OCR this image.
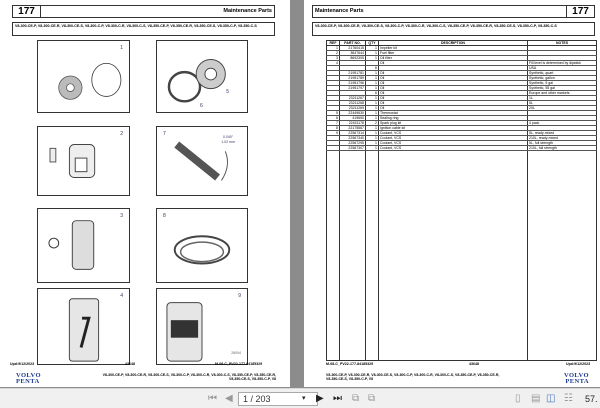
177	Maintenance Parts
V8-300-CE-P, V8-300-CE-R, V8-300-CE-S, V8-300-C-P, V8-300-C-R, V8-300-C-S, V8-350-CE-P, V8-350-CE-R, V8-350-CE-S, V8-350-C-P, V8-350-C-S
1
5
6
2	7	0.040"
1.02 mm
3	8
4	9
26094
Upd:9/12/2023	43648	M-08-C_PV22-177-84185329
VOLVO
PENTA
V8-300-CE-P, V8-300-CE-R, V8-300-CE-S, V8-300-C-P, V8-300-C-R, V8-300-C-S, V8-350-CE-P, V8-350-CE-R,
V8-350-CE-S, V8-350-C-P, V8
Maintenance Parts	177
V8-300-CE-P, V8-300-CE-R, V8-300-CE-S, V8-300-C-P, V8-300-C-R, V8-300-C-S, V8-350-CE-P, V8-350-CE-R, V8-350-CE-S, V8-350-C-P, V8-350-C-S
REF	PART NO.	QTY	DESCRIPTION	NOTES
1	21760415	1	Impeller kit	
2	3847644	1	Fuel filter	
3	8692305	1	Oil filter	
4			Oil	Fill level is determined by dipstick
		6		USA
	21951781	1	Oil	Synthetic, quart
	21951789	1	Oil	Synthetic, gallon
	21951796	1	Oil	Synthetic, 5 gal
	21951797	1	Oil	Synthetic, 55 gal
		6	Oil	Europe and other markets
	23211267	1	Oil	1L
	23211268	1	Oil	5L
	23211269	1	Oil	20L
5	22449630	1	Thermostat	
6	419650	1	Sealing ring	
7	22431178	2	Spark plug kit	4 pack
8	22175567	1	Ignition cable kit	
9	22567314	1	Coolant, VCS	5L, ready-mixed
	22567340	1	Coolant, VCS	210L, ready-mixed
	22567295	1	Coolant, VCS	5L, full strength
	22567307	1	Coolant, VCS	210L, full strength

M-08-C_PV22-177-84185329	43648	Upd:9/12/2023
V8-300-CE-P, V8-300-CE-R, V8-300-CE-S, V8-300-C-P, V8-300-C-R, V8-300-C-S, V8-350-CE-P, V8-350-CE-R,
V8-350-CE-S, V8-350-C-P, V8
VOLVO
PENTA
⏮ ◀	1 / 203	▾ ▶ ⏭ ⧉ ⧉	▯ ▤ ◫ ☷ 57.
